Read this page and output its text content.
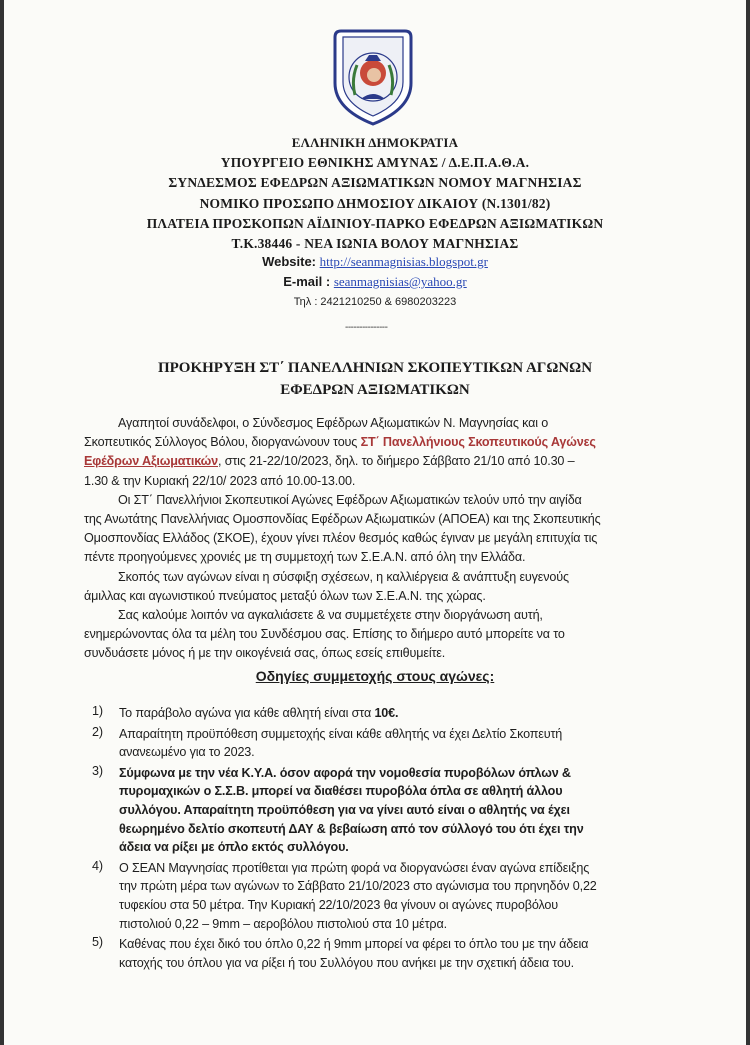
ΕΛΛΗΝΙΚΗ ΔΗΜΟΚΡΑΤΙΑ
ΥΠΟΥΡΓΕΙΟ ΕΘΝΙΚΗΣ ΑΜΥΝΑΣ / Δ.Ε.Π.Α.Θ.Α.
ΣΥΝΔΕΣΜΟΣ ΕΦΕΔΡΩΝ ΑΞΙΩΜΑΤΙΚΩΝ ΝΟΜΟΥ ΜΑΓΝΗΣΙΑΣ
ΝΟΜΙΚΟ ΠΡΟΣΩΠΟ ΔΗΜΟΣΙΟΥ ΔΙΚΑΙΟΥ (Ν.1301/82)
ΠΛΑΤΕΙΑ ΠΡΟΣΚΟΠΩΝ ΑΪΔΙΝΙΟΥ-ΠΑΡΚΟ ΕΦΕΔΡΩΝ ΑΞΙΩΜΑΤΙΚΩΝ
Τ.Κ.38446 - ΝΕΑ ΙΩΝΙΑ ΒΟΛΟΥ ΜΑΓΝΗΣΙΑΣ
Website: http://seanmagnisias.blogspot.gr
E-mail : seanmagnisias@yahoo.gr
Τηλ : 2421210250 & 6980203223
---------------
ΠΡΟΚΗΡΥΞΗ ΣΤ΄ ΠΑΝΕΛΛΗΝΙΩΝ ΣΚΟΠΕΥΤΙΚΩΝ ΑΓΩΝΩΝ
ΕΦΕΔΡΩΝ ΑΞΙΩΜΑΤΙΚΩΝ
Αγαπητοί συνάδελφοι, ο Σύνδεσμος Εφέδρων Αξιωματικών Ν. Μαγνησίας και ο
Σκοπευτικός Σύλλογος Βόλου, διοργανώνουν τους ΣΤ΄ Πανελλήνιους Σκοπευτικούς Αγώνες
Εφέδρων Αξιωματικών, στις 21-22/10/2023, δηλ. το διήμερο Σάββατο 21/10 από 10.30 –
1.30 & την Κυριακή 22/10/ 2023 από 10.00-13.00.
Οι ΣΤ΄ Πανελλήνιοι Σκοπευτικοί Αγώνες Εφέδρων Αξιωματικών τελούν υπό την αιγίδα
της Ανωτάτης Πανελλήνιας Ομοσπονδίας Εφέδρων Αξιωματικών (ΑΠΟΕΑ) και της Σκοπευτικής
Ομοσπονδίας Ελλάδος (ΣΚΟΕ), έχουν γίνει πλέον θεσμός καθώς έγιναν με μεγάλη επιτυχία τις
πέντε προηγούμενες χρονιές με τη συμμετοχή των Σ.Ε.Α.Ν. από όλη την Ελλάδα.
Σκοπός των αγώνων είναι η σύσφιξη σχέσεων, η καλλιέργεια & ανάπτυξη ευγενούς
άμιλλας και αγωνιστικού πνεύματος μεταξύ όλων των Σ.Ε.Α.Ν. της χώρας.
Σας καλούμε λοιπόν να αγκαλιάσετε & να συμμετέχετε στην διοργάνωση αυτή,
ενημερώνοντας όλα τα μέλη του Συνδέσμου σας. Επίσης το διήμερο αυτό μπορείτε να το
συνδυάσετε μόνος ή με την οικογένειά σας, όπως εσείς επιθυμείτε.
Οδηγίες συμμετοχής στους αγώνες:
1) Το παράβολο αγώνα για κάθε αθλητή είναι στα 10€.
2) Απαραίτητη προϋπόθεση συμμετοχής είναι κάθε αθλητής να έχει Δελτίο Σκοπευτή
ανανεωμένο για το 2023.
3) Σύμφωνα με την νέα Κ.Υ.Α. όσον αφορά την νομοθεσία πυροβόλων όπλων &
πυρομαχικών ο Σ.Σ.Β. μπορεί να διαθέσει πυροβόλα όπλα σε αθλητή άλλου
συλλόγου. Απαραίτητη προϋπόθεση για να γίνει αυτό είναι ο αθλητής να έχει
θεωρημένο δελτίο σκοπευτή ΔΑΥ & βεβαίωση από τον σύλλογό του ότι έχει την
άδεια να ρίξει με όπλο εκτός συλλόγου.
4) Ο ΣΕΑΝ Μαγνησίας προτίθεται για πρώτη φορά να διοργανώσει έναν αγώνα επίδειξης
την πρώτη μέρα των αγώνων το Σάββατο 21/10/2023 στο αγώνισμα του πρηνηδόν 0,22
τυφεκίου στα 50 μέτρα. Την Κυριακή 22/10/2023 θα γίνουν οι αγώνες πυροβόλου
πιστολιού 0,22 – 9mm – αεροβόλου πιστολιού στα 10 μέτρα.
5) Καθένας που έχει δικό του όπλο 0,22 ή 9mm μπορεί να φέρει το όπλο του με την άδεια
κατοχής του όπλου για να ρίξει ή του Συλλόγου που ανήκει με την σχετική άδεια του.
